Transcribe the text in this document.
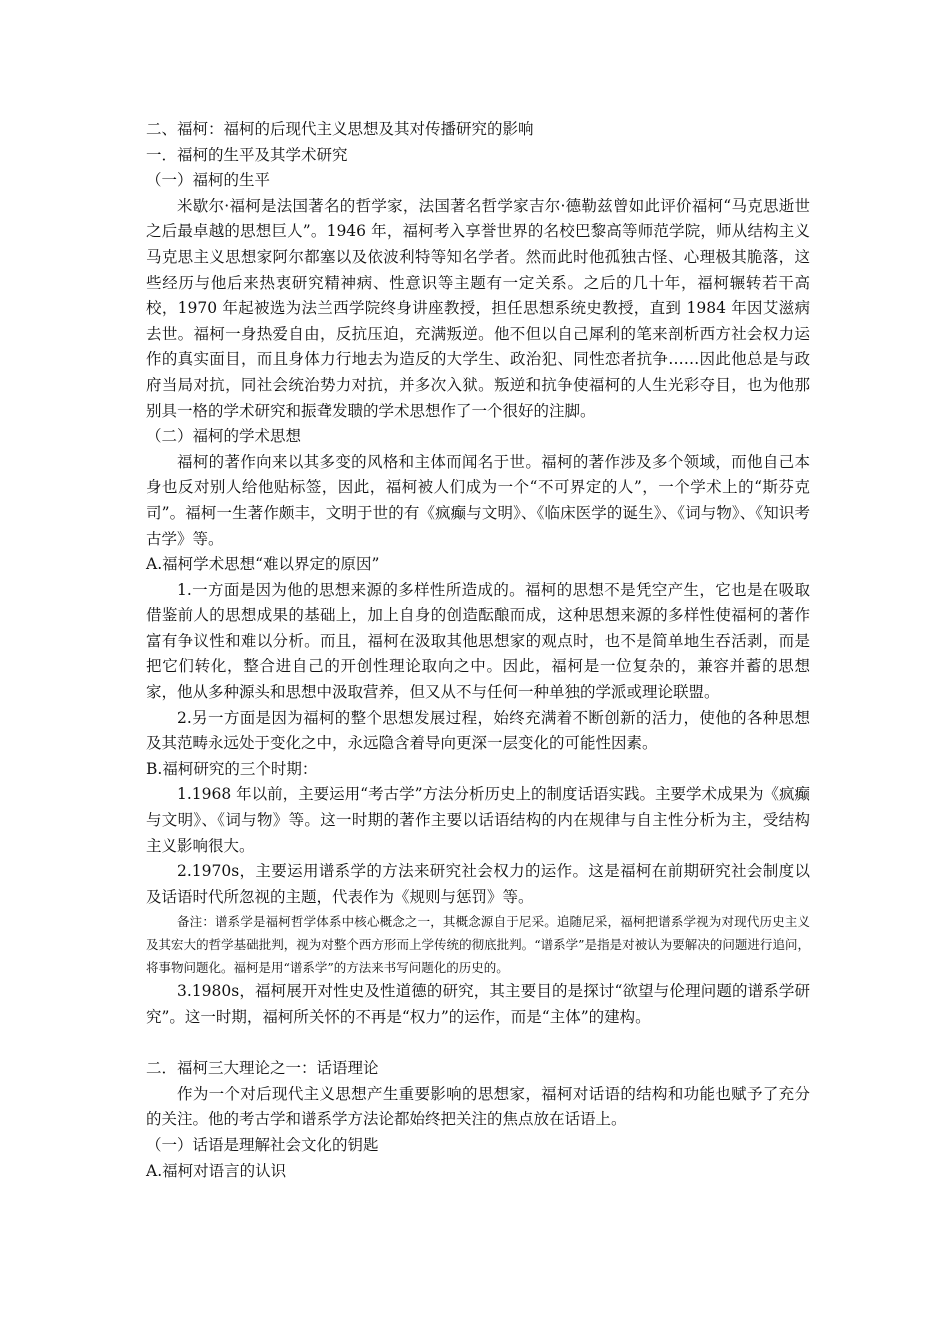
二、福柯：福柯的后现代主义思想及其对传播研究的影响

一．福柯的生平及其学术研究

（一）福柯的生平

米歇尔·福柯是法国著名的哲学家，法国著名哲学家吉尔·德勒兹曾如此评价福柯“马克思逝世之后最卓越的思想巨人”。1946 年，福柯考入享誉世界的名校巴黎高等师范学院，师从结构主义马克思主义思想家阿尔都塞以及依波利特等知名学者。然而此时他孤独古怪、心理极其脆落，这些经历与他后来热衷研究精神病、性意识等主题有一定关系。之后的几十年，福柯辗转若干高校，1970 年起被选为法兰西学院终身讲座教授，担任思想系统史教授，直到 1984 年因艾滋病去世。福柯一身热爱自由，反抗压迫，充满叛逆。他不但以自己犀利的笔来剖析西方社会权力运作的真实面目，而且身体力行地去为造反的大学生、政治犯、同性恋者抗争……因此他总是与政府当局对抗，同社会统治势力对抗，并多次入狱。叛逆和抗争使福柯的人生光彩夺目，也为他那别具一格的学术研究和振聋发聩的学术思想作了一个很好的注脚。

（二）福柯的学术思想

福柯的著作向来以其多变的风格和主体而闻名于世。福柯的著作涉及多个领域，而他自己本身也反对别人给他贴标签，因此，福柯被人们成为一个“不可界定的人”，一个学术上的“斯芬克司”。福柯一生著作颇丰，文明于世的有《疯癫与文明》、《临床医学的诞生》、《词与物》、《知识考古学》等。

A.福柯学术思想“难以界定的原因”

1.一方面是因为他的思想来源的多样性所造成的。福柯的思想不是凭空产生，它也是在吸取借鉴前人的思想成果的基础上，加上自身的创造酝酿而成，这种思想来源的多样性使福柯的著作富有争议性和难以分析。而且，福柯在汲取其他思想家的观点时，也不是简单地生吞活剥，而是把它们转化，整合进自己的开创性理论取向之中。因此，福柯是一位复杂的，兼容并蓄的思想家，他从多种源头和思想中汲取营养，但又从不与任何一种单独的学派或理论联盟。

2.另一方面是因为福柯的整个思想发展过程，始终充满着不断创新的活力，使他的各种思想及其范畴永远处于变化之中，永远隐含着导向更深一层变化的可能性因素。

B.福柯研究的三个时期：

1.1968 年以前，主要运用“考古学”方法分析历史上的制度话语实践。主要学术成果为《疯癫与文明》、《词与物》等。这一时期的著作主要以话语结构的内在规律与自主性分析为主，受结构主义影响很大。

2.1970s，主要运用谱系学的方法来研究社会权力的运作。这是福柯在前期研究社会制度以及话语时代所忽视的主题，代表作为《规则与惩罚》等。

备注：谱系学是福柯哲学体系中核心概念之一，其概念源自于尼采。追随尼采，福柯把谱系学视为对现代历史主义及其宏大的哲学基础批判，视为对整个西方形而上学传统的彻底批判。“谱系学”是指是对被认为要解决的问题进行追问，将事物问题化。福柯是用“谱系学”的方法来书写问题化的历史的。

3.1980s，福柯展开对性史及性道德的研究，其主要目的是探讨“欲望与伦理问题的谱系学研究”。这一时期，福柯所关怀的不再是“权力”的运作，而是“主体”的建构。

二．福柯三大理论之一：话语理论

作为一个对后现代主义思想产生重要影响的思想家，福柯对话语的结构和功能也赋予了充分的关注。他的考古学和谱系学方法论都始终把关注的焦点放在话语上。

（一）话语是理解社会文化的钥匙

A.福柯对语言的认识
